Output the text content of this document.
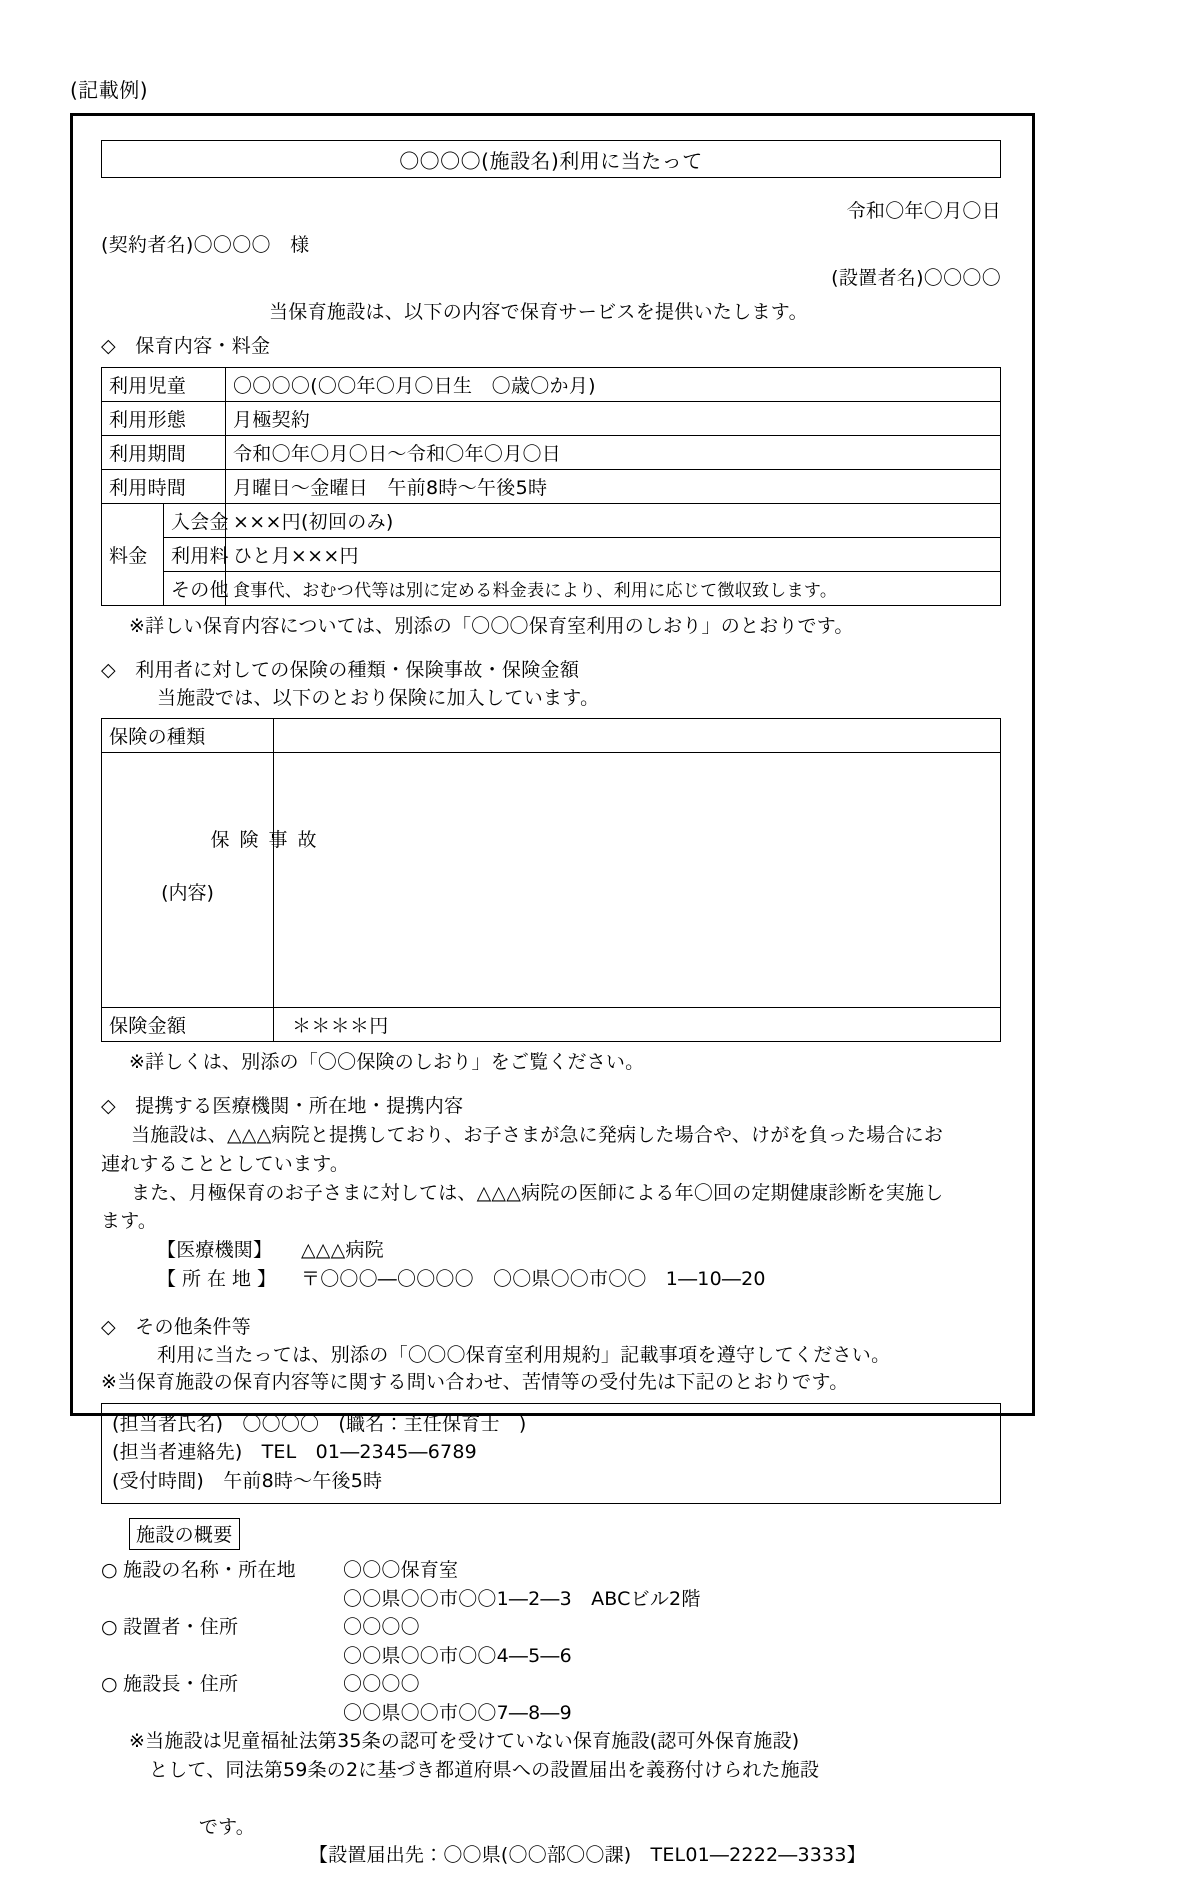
(記載例)
〇〇〇〇(施設名)利用に当たって
令和〇年〇月〇日
(契約者名)〇〇〇〇　様
(設置者名)〇〇〇〇
当保育施設は、以下の内容で保育サービスを提供いたします。
◇　保育内容・料金
利用児童		〇〇〇〇(〇〇年〇月〇日生　〇歳〇か月)
利用形態		月極契約
利用期間		令和〇年〇月〇日～令和〇年〇月〇日
利用時間		月曜日～金曜日　午前8時～午後5時
料金	入会金	×××円(初回のみ)
	利用料	ひと月×××円
	その他	食事代、おむつ代等は別に定める料金表により、利用に応じて徴収致します。
※詳しい保育内容については、別添の「〇〇〇保育室利用のしおり」のとおりです。
◇　利用者に対しての保険の種類・保険事故・保険金額
当施設では、以下のとおり保険に加入しています。
保険の種類	

保険事故

(内容)	

保険金額	＊＊＊＊円
※詳しくは、別添の「〇〇保険のしおり」をご覧ください。
◇　提携する医療機関・所在地・提携内容
当施設は、△△△病院と提携しており、お子さまが急に発病した場合や、けがを負った場合にお
連れすることとしています。
また、月極保育のお子さまに対しては、△△△病院の医師による年〇回の定期健康診断を実施し
ます。
【医療機関】	△△△病院
【所在地】 〒〇〇〇―〇〇〇〇　〇〇県〇〇市〇〇　1―10―20
◇　その他条件等
利用に当たっては、別添の「〇〇〇保育室利用規約」記載事項を遵守してください。
※当保育施設の保育内容等に関する問い合わせ、苦情等の受付先は下記のとおりです。
(担当者氏名)　〇〇〇〇　(職名：主任保育士　)
(担当者連絡先)　TEL　01―2345―6789
(受付時間)　午前8時～午後5時
施設の概要
○ 施設の名称・所在地	〇〇〇保育室
〇〇県〇〇市〇〇1―2―3　ABCビル2階
○ 設置者・住所	〇〇〇〇
〇〇県〇〇市〇〇4―5―6
○ 施設長・住所	〇〇〇〇
〇〇県〇〇市〇〇7―8―9
※当施設は児童福祉法第35条の認可を受けていない保育施設(認可外保育施設)
として、同法第59条の2に基づき都道府県への設置届出を義務付けられた施設

です。
【設置届出先：〇〇県(〇〇部〇〇課)　TEL01―2222―3333】
